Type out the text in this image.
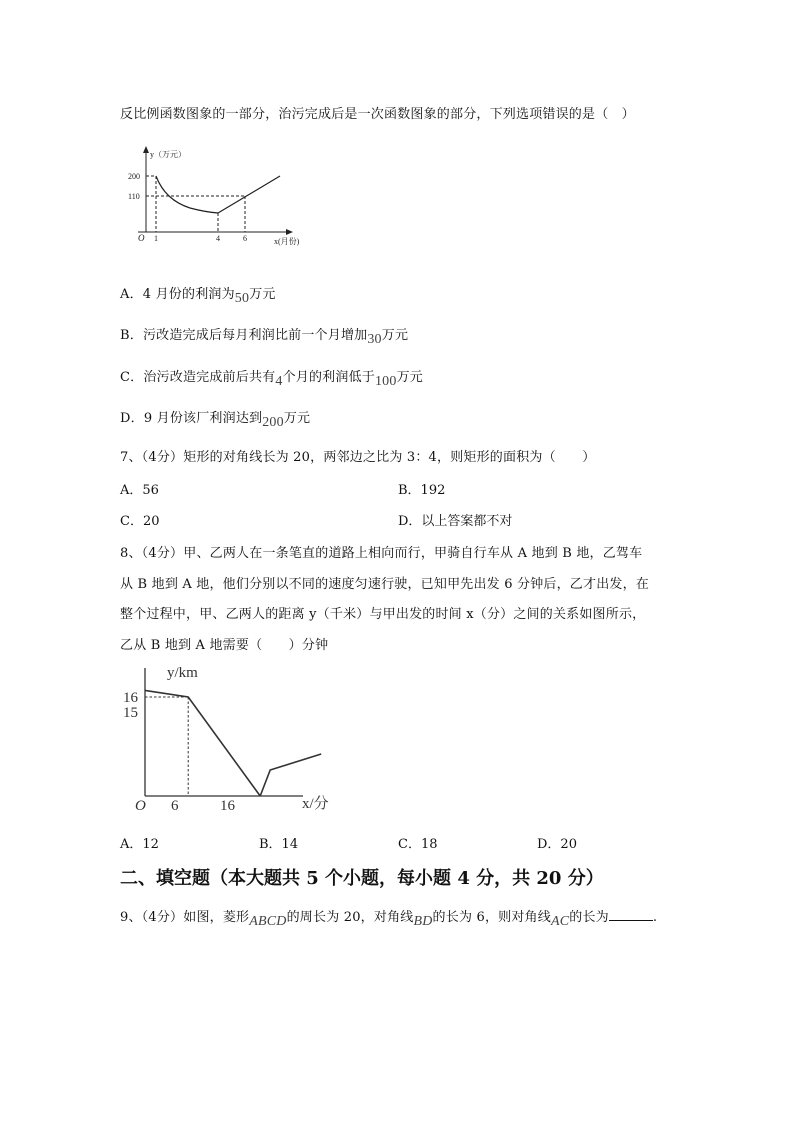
反比例函数图象的一部分，治污完成后是一次函数图象的部分，下列选项错误的是（　）
y（万元）
200
110
O 1	4	6	x(月份)
A．4 月份的利润为50万元
B．污改造完成后每月利润比前一个月增加30万元
C．治污改造完成前后共有4个月的利润低于100万元
D．9 月份该厂利润达到200万元
7、（4分）矩形的对角线长为 20，两邻边之比为 3：4，则矩形的面积为（　　）
A．56	B．192
C．20	D．以上答案都不对
8、（4分）甲、乙两人在一条笔直的道路上相向而行，甲骑自行车从 A 地到 B 地，乙驾车
从 B 地到 A 地，他们分别以不同的速度匀速行驶，已知甲先出发 6 分钟后，乙才出发，在
整个过程中，甲、乙两人的距离 y（千米）与甲出发的时间 x（分）之间的关系如图所示，
乙从 B 地到 A 地需要（　　）分钟
y/km
O
16
15
6	16	x/分
A．12	B．14	C．18	D．20
二、填空题（本大题共 5 个小题，每小题 4 分，共 20 分）
9、（4分）如图，菱形ABCD的周长为 20，对角线BD的长为 6，则对角线AC的长为	.
